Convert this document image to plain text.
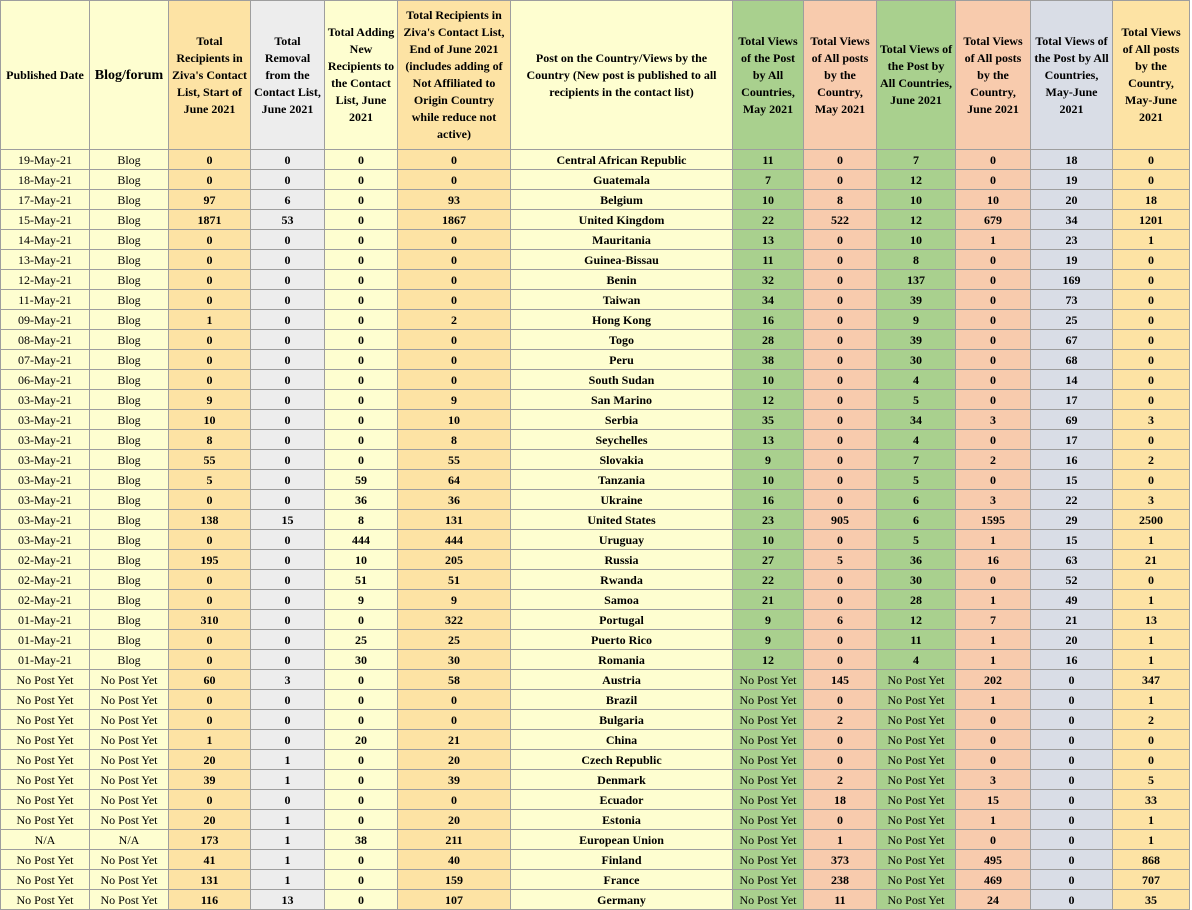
Published Date	Blog/forum	Total Recipients in Ziva's Contact List, Start of June 2021	Total Removal from the Contact List, June 2021	Total Adding New Recipients to the Contact List, June 2021	Total Recipients in Ziva's Contact List, End of June 2021 (includes adding of Not Affiliated to Origin Country while reduce not active)	Post on the Country/Views by the Country (New post is published to all recipients in the contact list)	Total Views of the Post by All Countries, May 2021	Total Views of All posts by the Country, May 2021	Total Views of the Post by All Countries, June 2021	Total Views of All posts by the Country, June 2021	Total Views of the Post by All Countries, May-June 2021	Total Views of All posts by the Country, May-June 2021
19-May-21	Blog	0	0	0	0	Central African Republic	11	0	7	0	18	0
18-May-21	Blog	0	0	0	0	Guatemala	7	0	12	0	19	0
17-May-21	Blog	97	6	0	93	Belgium	10	8	10	10	20	18
15-May-21	Blog	1871	53	0	1867	United Kingdom	22	522	12	679	34	1201
14-May-21	Blog	0	0	0	0	Mauritania	13	0	10	1	23	1
13-May-21	Blog	0	0	0	0	Guinea-Bissau	11	0	8	0	19	0
12-May-21	Blog	0	0	0	0	Benin	32	0	137	0	169	0
11-May-21	Blog	0	0	0	0	Taiwan	34	0	39	0	73	0
09-May-21	Blog	1	0	0	2	Hong Kong	16	0	9	0	25	0
08-May-21	Blog	0	0	0	0	Togo	28	0	39	0	67	0
07-May-21	Blog	0	0	0	0	Peru	38	0	30	0	68	0
06-May-21	Blog	0	0	0	0	South Sudan	10	0	4	0	14	0
03-May-21	Blog	9	0	0	9	San Marino	12	0	5	0	17	0
03-May-21	Blog	10	0	0	10	Serbia	35	0	34	3	69	3
03-May-21	Blog	8	0	0	8	Seychelles	13	0	4	0	17	0
03-May-21	Blog	55	0	0	55	Slovakia	9	0	7	2	16	2
03-May-21	Blog	5	0	59	64	Tanzania	10	0	5	0	15	0
03-May-21	Blog	0	0	36	36	Ukraine	16	0	6	3	22	3
03-May-21	Blog	138	15	8	131	United States	23	905	6	1595	29	2500
03-May-21	Blog	0	0	444	444	Uruguay	10	0	5	1	15	1
02-May-21	Blog	195	0	10	205	Russia	27	5	36	16	63	21
02-May-21	Blog	0	0	51	51	Rwanda	22	0	30	0	52	0
02-May-21	Blog	0	0	9	9	Samoa	21	0	28	1	49	1
01-May-21	Blog	310	0	0	322	Portugal	9	6	12	7	21	13
01-May-21	Blog	0	0	25	25	Puerto Rico	9	0	11	1	20	1
01-May-21	Blog	0	0	30	30	Romania	12	0	4	1	16	1
No Post Yet	No Post Yet	60	3	0	58	Austria	No Post Yet	145	No Post Yet	202	0	347
No Post Yet	No Post Yet	0	0	0	0	Brazil	No Post Yet	0	No Post Yet	1	0	1
No Post Yet	No Post Yet	0	0	0	0	Bulgaria	No Post Yet	2	No Post Yet	0	0	2
No Post Yet	No Post Yet	1	0	20	21	China	No Post Yet	0	No Post Yet	0	0	0
No Post Yet	No Post Yet	20	1	0	20	Czech Republic	No Post Yet	0	No Post Yet	0	0	0
No Post Yet	No Post Yet	39	1	0	39	Denmark	No Post Yet	2	No Post Yet	3	0	5
No Post Yet	No Post Yet	0	0	0	0	Ecuador	No Post Yet	18	No Post Yet	15	0	33
No Post Yet	No Post Yet	20	1	0	20	Estonia	No Post Yet	0	No Post Yet	1	0	1
N/A	N/A	173	1	38	211	European Union	No Post Yet	1	No Post Yet	0	0	1
No Post Yet	No Post Yet	41	1	0	40	Finland	No Post Yet	373	No Post Yet	495	0	868
No Post Yet	No Post Yet	131	1	0	159	France	No Post Yet	238	No Post Yet	469	0	707
No Post Yet	No Post Yet	116	13	0	107	Germany	No Post Yet	11	No Post Yet	24	0	35
